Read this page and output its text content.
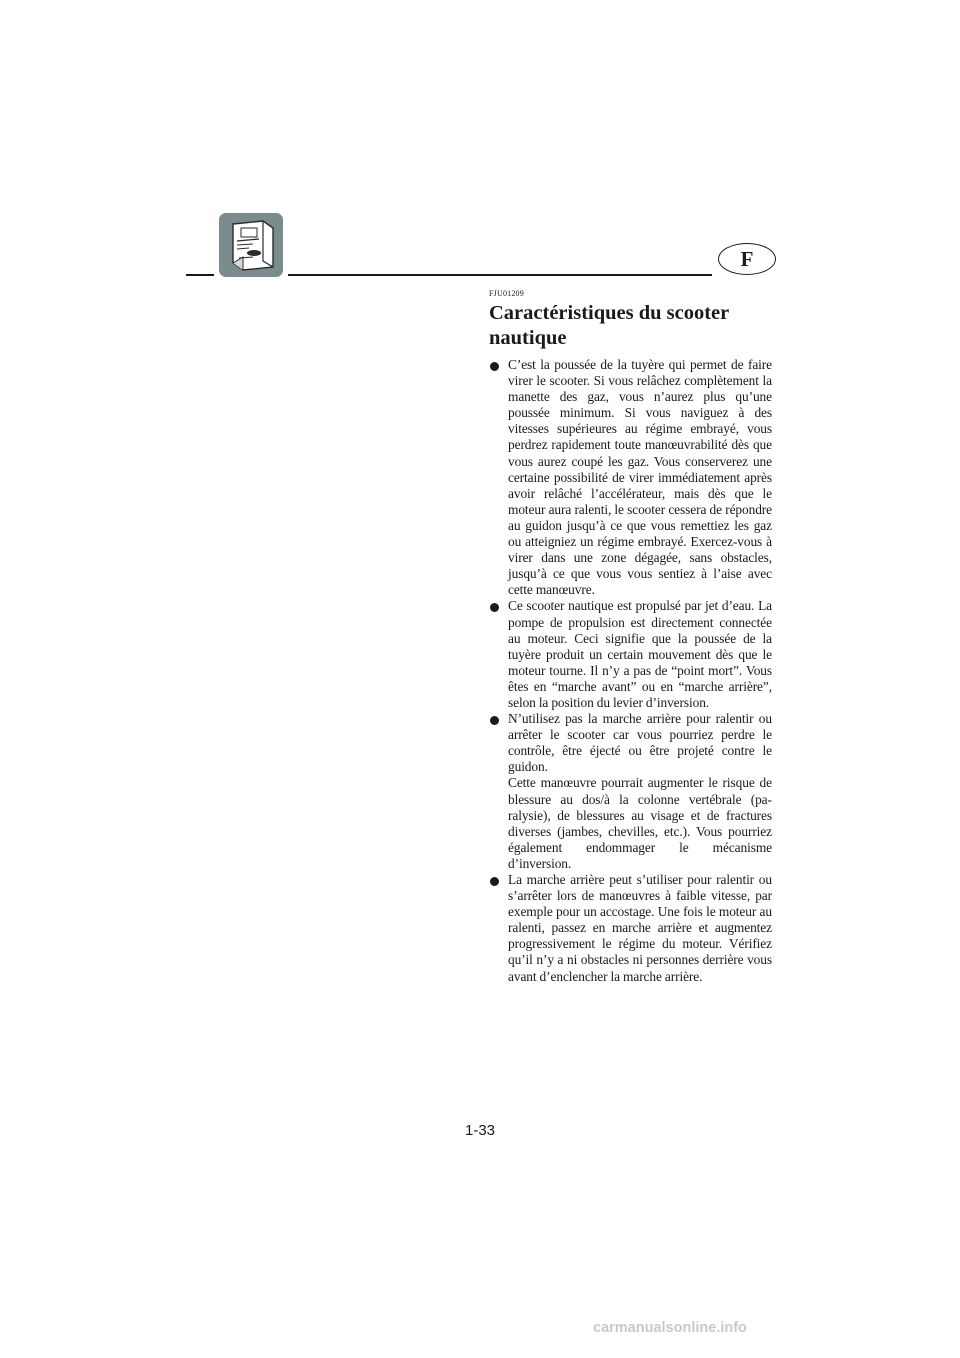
F
FJU01209
Caractéristiques du scooter nautique
C’est la poussée de la tuyère qui permet de faire virer le scooter. Si vous relâchez complètement la manette des gaz, vous n’aurez plus qu’une poussée minimum. Si vous naviguez à des vitesses supérieures au régime embrayé, vous perdrez rapidement toute manœuvrabilité dès que vous aurez coupé les gaz. Vous conserverez une certaine possibilité de virer immédiatement après avoir relâché l’accélérateur, mais dès que le moteur aura ralenti, le scooter cessera de répondre au guidon jusqu’à ce que vous remettiez les gaz ou atteigniez un régime embrayé. Exercez-vous à virer dans une zone dégagée, sans obstacles, jusqu’à ce que vous vous sentiez à l’aise avec cette manœuvre.
Ce scooter nautique est propulsé par jet d’eau. La pompe de propulsion est directement connectée au moteur. Ceci signifie que la poussée de la tuyère produit un certain mouvement dès que le moteur tourne. Il n’y a pas de “point mort”. Vous êtes en “marche avant” ou en “marche arrière”, selon la position du levier d’inversion.
N’utilisez pas la marche arrière pour ralentir ou arrêter le scooter car vous pourriez perdre le contrôle, être éjecté ou être projeté contre le guidon.
Cette manœuvre pourrait augmenter le risque de blessure au dos/à la colonne vertébrale (paralysie), de blessures au visage et de fractures diverses (jambes, chevilles, etc.). Vous pourriez également endommager le mécanisme d’inversion.
La marche arrière peut s’utiliser pour ralentir ou s’arrêter lors de manœuvres à faible vitesse, par exemple pour un accostage. Une fois le moteur au ralenti, passez en marche arrière et augmentez progressivement le régime du moteur. Vérifiez qu’il n’y a ni obstacles ni personnes derrière vous avant d’enclencher la marche arrière.
1-33
carmanualsonline.info
